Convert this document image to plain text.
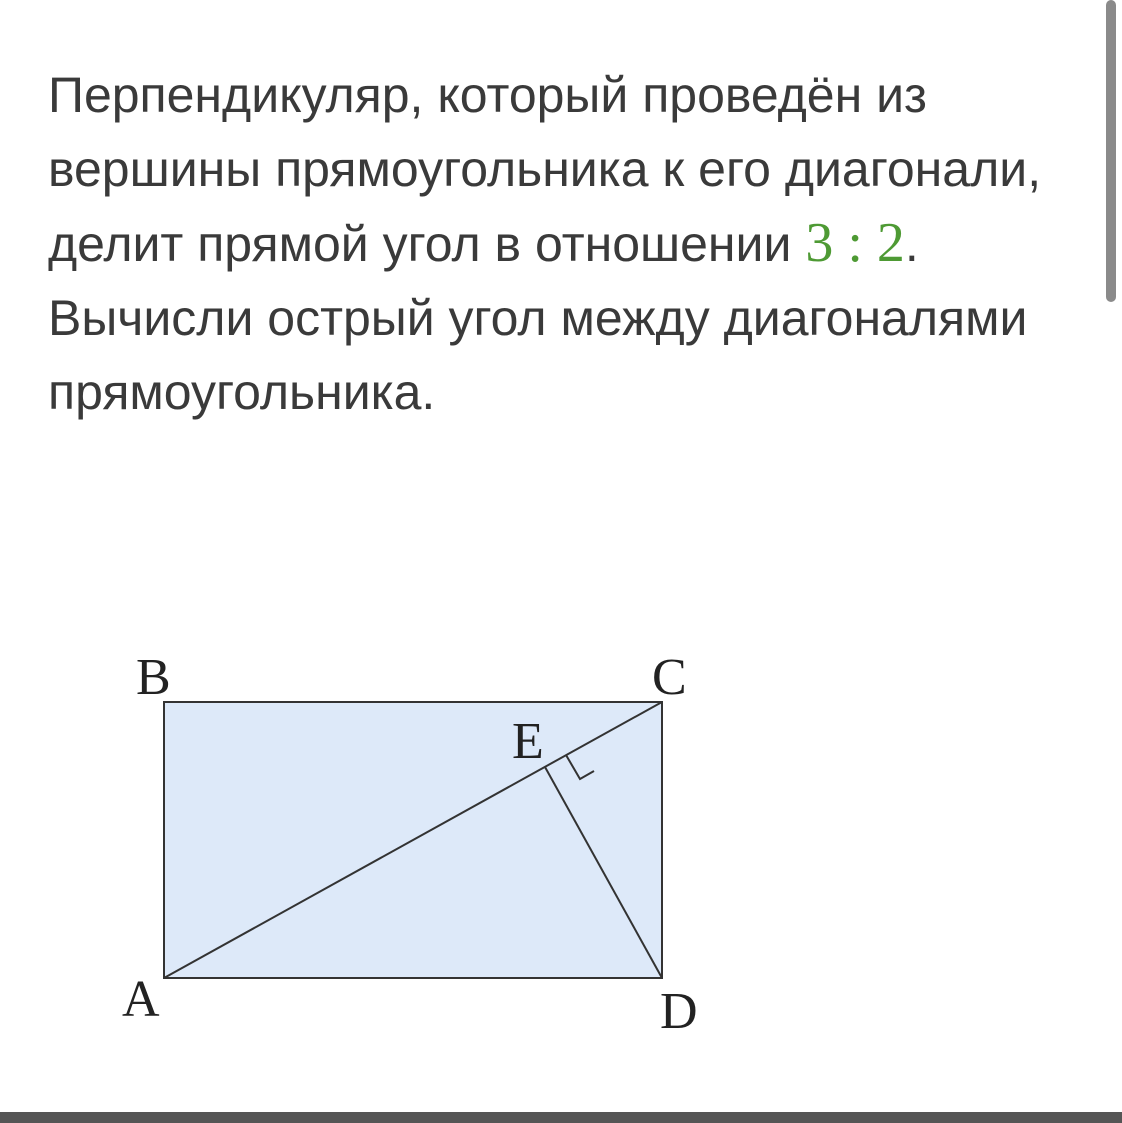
Перпендикуляр, который проведён из вершины прямоугольника к его диагонали, делит прямой угол в отношении 3 : 2.

Вычисли острый угол между диагоналями прямоугольника.

B	C
E
A	D
